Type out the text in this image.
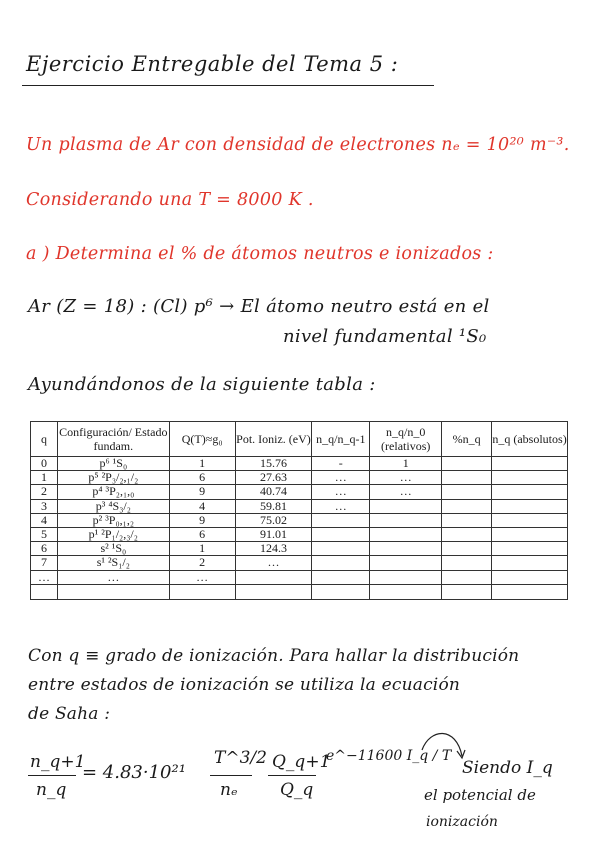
Ejercicio Entregable del Tema 5 :
Un plasma de Ar con densidad de electrones nₑ = 10²⁰ m⁻³.
Considerando una T = 8000 K .
a ) Determina el % de átomos neutros e ionizados :
Ar (Z = 18) : (Cl) p⁶ → El átomo neutro está en el
nivel fundamental ¹S₀
Ayundándonos de la siguiente tabla :
q	Configuración/ Estado fundam.	Q(T)≈g₀	Pot. Ioniz. (eV)	n_q/n_q-1	n_q/n_0 (relativos)	%n_q	n_q (absolutos)
0	p⁶ ¹S₀	1	15.76	-	1		
1	p⁵ ²P₃/₂,₁/₂	6	27.63	…	…		
2	p⁴ ³P₂,₁,₀	9	40.74	…	…		
3	p³ ⁴S₃/₂	4	59.81	…			
4	p² ³P₀,₁,₂	9	75.02				
5	p¹ ²P₁/₂,₃/₂	6	91.01				
6	s² ¹S₀	1	124.3				
7	s¹ ²S₁/₂	2	…				
…	…	…					

Con q ≡ grado de ionización. Para hallar la distribución
entre estados de ionización se utiliza la ecuación
de Saha :
n_q+1
n_q
= 4.83·10²¹
T^3/2
nₑ
Q_q+1
Q_q
e^−11600 I_q / T
Siendo I_q
el potencial de
ionización
